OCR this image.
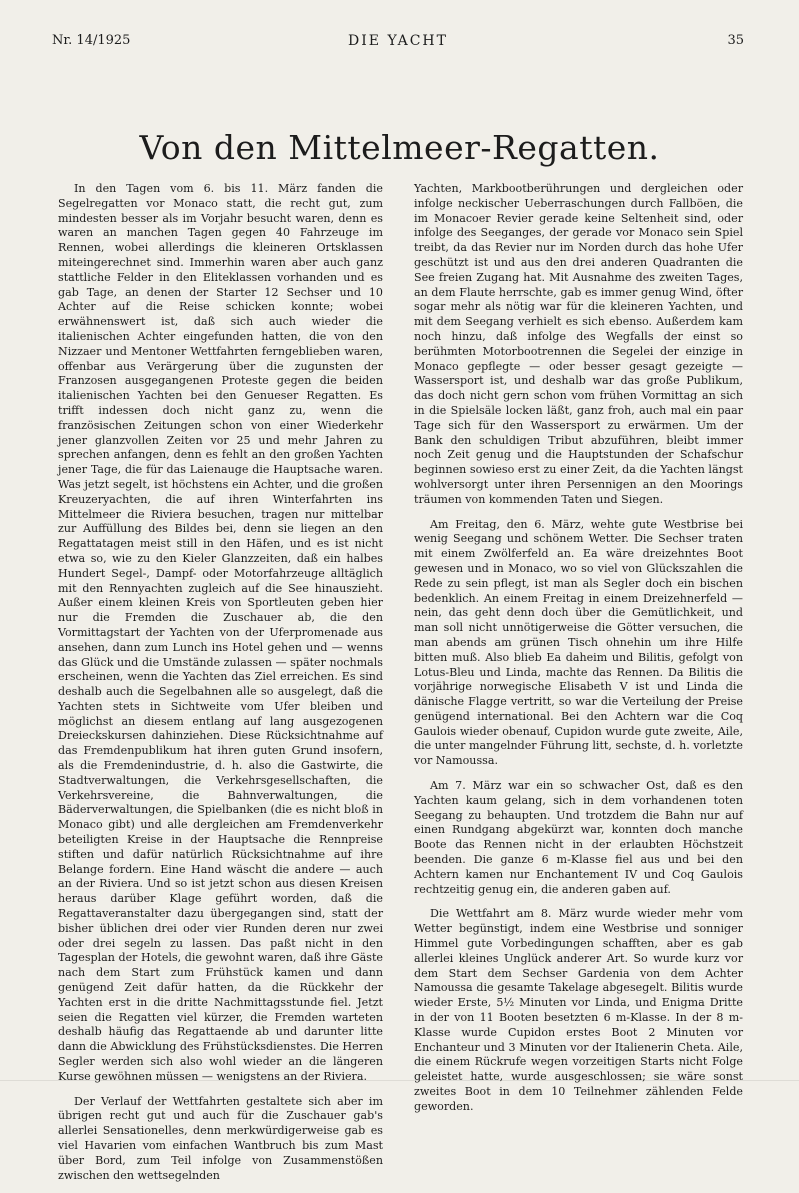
Nr. 14/1925	DIE YACHT	35
Von den Mittelmeer-Regatten.

In den Tagen vom 6. bis 11. März fanden die Segelregatten vor Monaco statt, die recht gut, zum mindesten besser als im Vorjahr besucht waren, denn es waren an manchen Tagen gegen 40 Fahrzeuge im Rennen, wobei allerdings die kleineren Ortsklassen miteingerechnet sind. Immerhin waren aber auch ganz stattliche Felder in den Eliteklassen vorhanden und es gab Tage, an denen der Starter 12 Sechser und 10 Achter auf die Reise schicken konnte; wobei erwähnenswert ist, daß sich auch wieder die italienischen Achter eingefunden hatten, die von den Nizzaer und Mentoner Wettfahrten ferngeblieben waren, offenbar aus Verärgerung über die zugunsten der Franzosen ausgegangenen Proteste gegen die beiden italienischen Yachten bei den Genueser Regatten. Es trifft indessen doch nicht ganz zu, wenn die französischen Zeitungen schon von einer Wiederkehr jener glanzvollen Zeiten vor 25 und mehr Jahren zu sprechen anfangen, denn es fehlt an den großen Yachten jener Tage, die für das Laienauge die Hauptsache waren. Was jetzt segelt, ist höchstens ein Achter, und die großen Kreuzeryachten, die auf ihren Winterfahrten ins Mittelmeer die Riviera besuchen, tragen nur mittelbar zur Auffüllung des Bildes bei, denn sie liegen an den Regattatagen meist still in den Häfen, und es ist nicht etwa so, wie zu den Kieler Glanzzeiten, daß ein halbes Hundert Segel-, Dampf- oder Motorfahrzeuge alltäglich mit den Rennyachten zugleich auf die See hinauszieht. Außer einem kleinen Kreis von Sportleuten geben hier nur die Fremden die Zuschauer ab, die den Vormittagstart der Yachten von der Uferpromenade aus ansehen, dann zum Lunch ins Hotel gehen und — wenns das Glück und die Umstände zulassen — später nochmals erscheinen, wenn die Yachten das Ziel erreichen. Es sind deshalb auch die Segelbahnen alle so ausgelegt, daß die Yachten stets in Sichtweite vom Ufer bleiben und möglichst an diesem entlang auf lang ausgezogenen Dreieckskursen dahinziehen. Diese Rücksichtnahme auf das Fremdenpublikum hat ihren guten Grund insofern, als die Fremdenindustrie, d. h. also die Gastwirte, die Stadtverwaltungen, die Verkehrsgesellschaften, die Verkehrsvereine, die Bahnverwaltungen, die Bäderverwaltungen, die Spielbanken (die es nicht bloß in Monaco gibt) und alle dergleichen am Fremdenverkehr beteiligten Kreise in der Hauptsache die Rennpreise stiften und dafür natürlich Rücksichtnahme auf ihre Belange fordern. Eine Hand wäscht die andere — auch an der Riviera. Und so ist jetzt schon aus diesen Kreisen heraus darüber Klage geführt worden, daß die Regattaveranstalter dazu übergegangen sind, statt der bisher üblichen drei oder vier Runden deren nur zwei oder drei segeln zu lassen. Das paßt nicht in den Tagesplan der Hotels, die gewohnt waren, daß ihre Gäste nach dem Start zum Frühstück kamen und dann genügend Zeit dafür hatten, da die Rückkehr der Yachten erst in die dritte Nachmittagsstunde fiel. Jetzt seien die Regatten viel kürzer, die Fremden warteten deshalb häufig das Regattaende ab und darunter litte dann die Abwicklung des Frühstücksdienstes. Die Herren Segler werden sich also wohl wieder an die längeren Kurse gewöhnen müssen — wenigstens an der Riviera.

Der Verlauf der Wettfahrten gestaltete sich aber im übrigen recht gut und auch für die Zuschauer gab's allerlei Sensationelles, denn merkwürdigerweise gab es viel Havarien vom einfachen Wantbruch bis zum Mast über Bord, zum Teil infolge von Zusammenstößen zwischen den wettsegelnden

Yachten, Markbootberührungen und dergleichen oder infolge neckischer Ueberraschungen durch Fallböen, die im Monacoer Revier gerade keine Seltenheit sind, oder infolge des Seeganges, der gerade vor Monaco sein Spiel treibt, da das Revier nur im Norden durch das hohe Ufer geschützt ist und aus den drei anderen Quadranten die See freien Zugang hat. Mit Ausnahme des zweiten Tages, an dem Flaute herrschte, gab es immer genug Wind, öfter sogar mehr als nötig war für die kleineren Yachten, und mit dem Seegang verhielt es sich ebenso. Außerdem kam noch hinzu, daß infolge des Wegfalls der einst so berühmten Motorbootrennen die Segelei der einzige in Monaco gepflegte — oder besser gesagt gezeigte — Wassersport ist, und deshalb war das große Publikum, das doch nicht gern schon vom frühen Vormittag an sich in die Spielsäle locken läßt, ganz froh, auch mal ein paar Tage sich für den Wassersport zu erwärmen. Um der Bank den schuldigen Tribut abzuführen, bleibt immer noch Zeit genug und die Hauptstunden der Schafschur beginnen sowieso erst zu einer Zeit, da die Yachten längst wohlversorgt unter ihren Persennigen an den Moorings träumen von kommenden Taten und Siegen.

Am Freitag, den 6. März, wehte gute Westbrise bei wenig Seegang und schönem Wetter. Die Sechser traten mit einem Zwölferfeld an. Ea wäre dreizehntes Boot gewesen und in Monaco, wo so viel von Glückszahlen die Rede zu sein pflegt, ist man als Segler doch ein bischen bedenklich. An einem Freitag in einem Dreizehnerfeld — nein, das geht denn doch über die Gemütlichkeit, und man soll nicht unnötigerweise die Götter versuchen, die man abends am grünen Tisch ohnehin um ihre Hilfe bitten muß. Also blieb Ea daheim und Bilitis, gefolgt von Lotus-Bleu und Linda, machte das Rennen. Da Bilitis die vorjährige norwegische Elisabeth V ist und Linda die dänische Flagge vertritt, so war die Verteilung der Preise genügend international. Bei den Achtern war die Coq Gaulois wieder obenauf, Cupidon wurde gute zweite, Aile, die unter mangelnder Führung litt, sechste, d. h. vorletzte vor Namoussa.

Am 7. März war ein so schwacher Ost, daß es den Yachten kaum gelang, sich in dem vorhandenen toten Seegang zu behaupten. Und trotzdem die Bahn nur auf einen Rundgang abgekürzt war, konnten doch manche Boote das Rennen nicht in der erlaubten Höchstzeit beenden. Die ganze 6 m-Klasse fiel aus und bei den Achtern kamen nur Enchantement IV und Coq Gaulois rechtzeitig genug ein, die anderen gaben auf.

Die Wettfahrt am 8. März wurde wieder mehr vom Wetter begünstigt, indem eine Westbrise und sonniger Himmel gute Vorbedingungen schafften, aber es gab allerlei kleines Unglück anderer Art. So wurde kurz vor dem Start dem Sechser Gardenia von dem Achter Namoussa die gesamte Takelage abgesegelt. Bilitis wurde wieder Erste, 5½ Minuten vor Linda, und Enigma Dritte in der von 11 Booten besetzten 6 m-Klasse. In der 8 m-Klasse wurde Cupidon erstes Boot 2 Minuten vor Enchanteur und 3 Minuten vor der Italienerin Cheta. Aile, die einem Rückrufe wegen vorzeitigen Starts nicht Folge geleistet hatte, wurde ausgeschlossen; sie wäre sonst zweites Boot in dem 10 Teilnehmer zählenden Felde geworden.
